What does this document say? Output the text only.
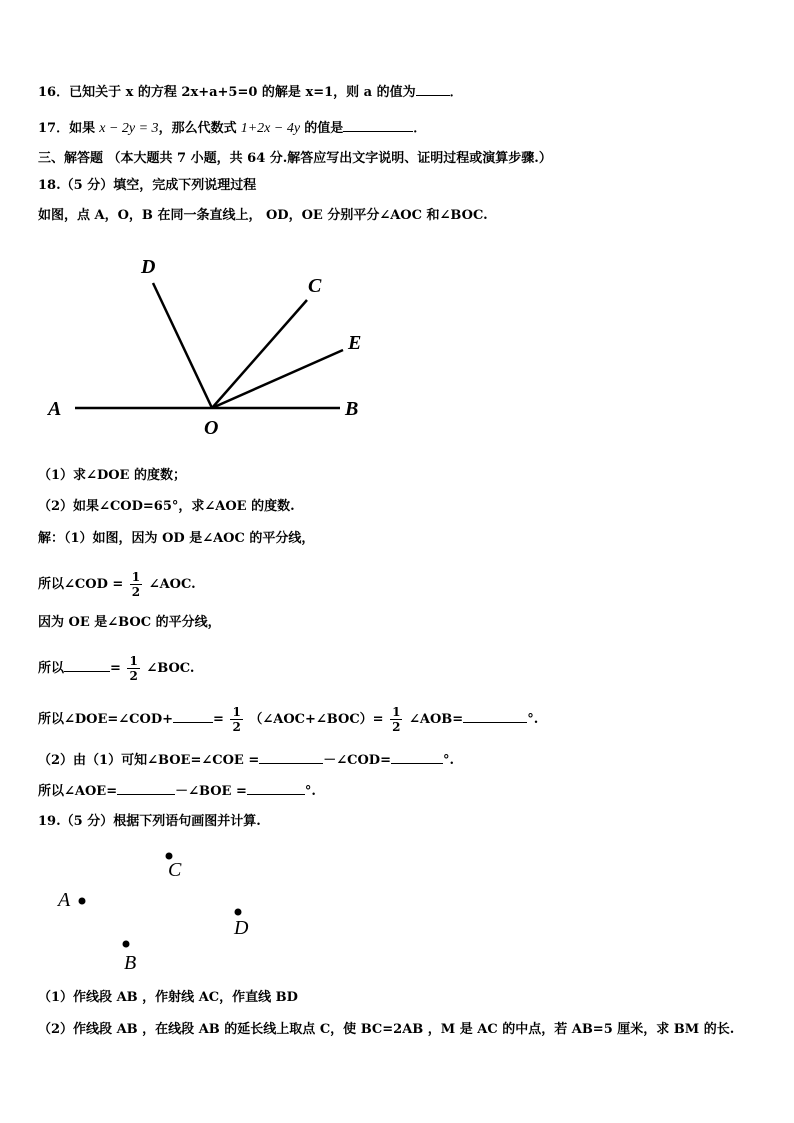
16．已知关于 x 的方程 2x+a+5=0 的解是 x=1，则 a 的值为	．
17．如果 x − 2y = 3，那么代数式 1+2x − 4y 的值是	．
三、解答题 （本大题共 7 小题，共 64 分.解答应写出文字说明、证明过程或演算步骤.）
18.（5 分）填空，完成下列说理过程
如图，点 A，O，B 在同一条直线上， OD，OE 分别平分∠AOC 和∠BOC.
D
C
E
A	B
O
（1）求∠DOE 的度数；
（2）如果∠COD=65°，求∠AOE 的度数.
解：（1）如图，因为 OD 是∠AOC 的平分线，
所以∠COD = $\frac{1}{2}$ ∠AOC.
因为 OE 是∠BOC 的平分线，
所以	= $\frac{1}{2}$ ∠BOC.
所以∠DOE=∠COD+	= $\frac{1}{2}$ （∠AOC+∠BOC）= $\frac{1}{2}$ ∠AOB=	°.
（2）由（1）可知∠BOE=∠COE =	－∠COD=	°.
所以∠AOE=	－∠BOE =	°.
19.（5 分）根据下列语句画图并计算.
C
A
D
B
（1）作线段 AB ，作射线 AC，作直线 BD
（2）作线段 AB ，在线段 AB 的延长线上取点 C，使 BC=2AB ，M 是 AC 的中点，若 AB=5 厘米，求 BM 的长.
